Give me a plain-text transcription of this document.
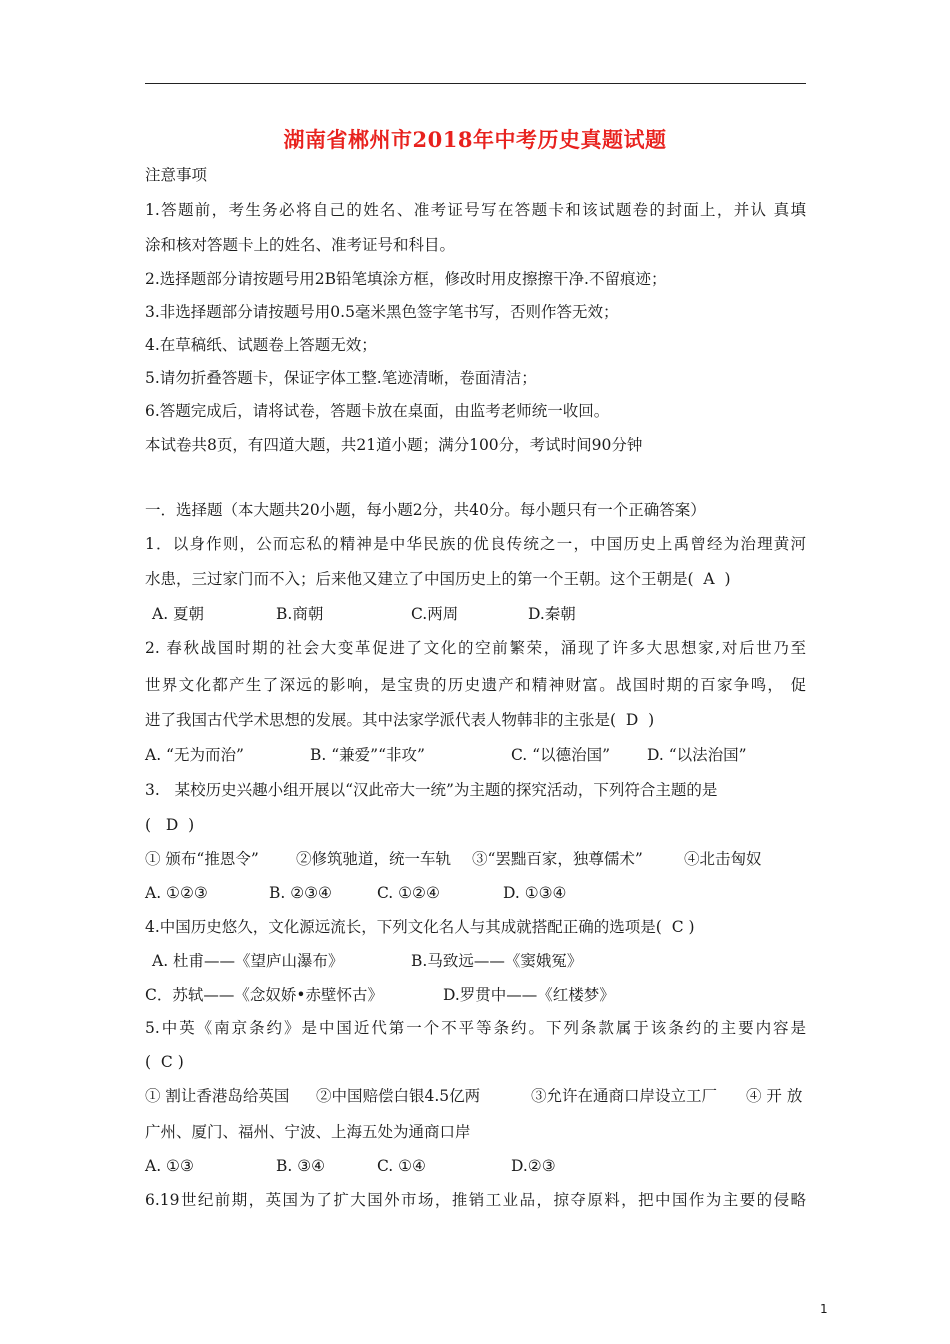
湖南省郴州市2018年中考历史真题试题
注意事项
1.答题前，考生务必将自己的姓名、准考证号写在答题卡和该试题卷的封面上，并认 真填
涂和核对答题卡上的姓名、准考证号和科目。
2.选择题部分请按题号用2B铅笔填涂方框，修改时用皮擦擦干净.不留痕迹；
3.非选择题部分请按题号用0.5毫米黑色签字笔书写，否则作答无效；
4.在草稿纸、试题卷上答题无效；
5.请勿折叠答题卡，保证字体工整.笔迹清晰，卷面清洁；
6.答题完成后，请将试卷，答题卡放在桌面，由监考老师统一收回。
本试卷共8页，有四道大题，共21道小题；满分100分，考试时间90分钟
一．选择题（本大题共20小题，每小题2分，共40分。每小题只有一个正确答案）
1．以身作则，公而忘私的精神是中华民族的优良传统之一，中国历史上禹曾经为治理黄河
水患，三过家门而不入；后来他又建立了中国历史上的第一个王朝。这个王朝是(  A  )
A. 夏朝	B.商朝	C.两周	D.秦朝
2. 春秋战国时期的社会大变革促进了文化的空前繁荣，涌现了许多大思想家,对后世乃至
世界文化都产生了深远的影响，是宝贵的历史遗产和精神财富。战国时期的百家争鸣， 促
进了我国古代学术思想的发展。其中法家学派代表人物韩非的主张是(  D  )
A. “无为而治”	B. “兼爱”“非攻”	C. “以德治国” D. “以法治国”
3.   某校历史兴趣小组开展以“汉此帝大一统”为主题的探究活动，下列符合主题的是
(   D  )
① 颁布“推恩令” ②修筑驰道，统一车轨 ③“罢黜百家，独尊儒术”	④北击匈奴
A. ①②③	B. ②③④	C. ①②④	D. ①③④
4.中国历史悠久，文化源远流长，下列文化名人与其成就搭配正确的选项是(  C )
A. 杜甫——《望庐山瀑布》	B.马致远——《窦娥冤》
C．苏轼——《念奴娇•赤壁怀古》	D.罗贯中——《红楼梦》
5.中英《南京条约》是中国近代第一个不平等条约。下列条款属于该条约的主要内容是
(  C )
① 割让香港岛给英国 ②中国赔偿白银4.5亿两	③允许在通商口岸设立工厂 ④ 开 放
广州、厦门、福州、宁波、上海五处为通商口岸
A. ①③	B. ③④	C. ①④	D.②③
6.19世纪前期，英国为了扩大国外市场，推销工业品，掠夺原料，把中国作为主要的侵略
1
